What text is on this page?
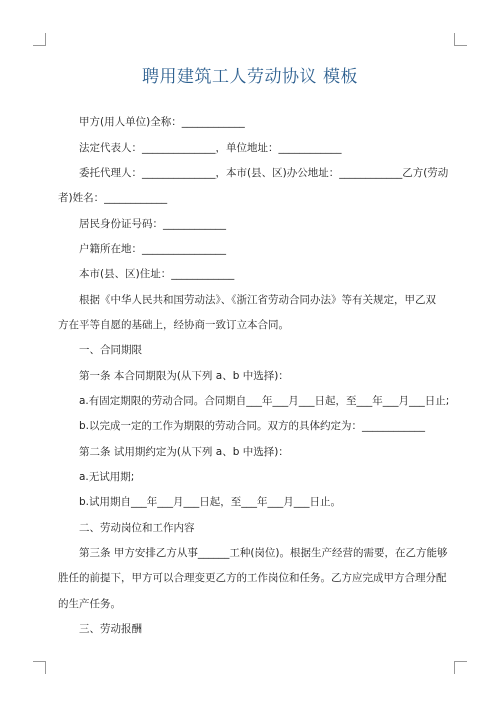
聘用建筑工人劳动协议 模板
甲方(用人单位)全称：____________
法定代表人：______________，单位地址：____________
委托代理人：______________，本市(县、区)办公地址：____________乙方(劳动
者)姓名：____________
居民身份证号码：____________
户籍所在地：________________
本市(县、区)住址：____________
根据《中华人民共和国劳动法》、《浙江省劳动合同办法》等有关规定，甲乙双
方在平等自愿的基础上，经协商一致订立本合同。
一、合同期限
第一条 本合同期限为(从下列 a、b 中选择)：
a.有固定期限的劳动合同。合同期自___年___月___日起，至___年___月___日止;
b.以完成一定的工作为期限的劳动合同。双方的具体约定为：____________
第二条 试用期约定为(从下列 a、b 中选择)：
a.无试用期;
b.试用期自___年___月___日起，至___年___月___日止。
二、劳动岗位和工作内容
第三条 甲方安排乙方从事______工种(岗位)。根据生产经营的需要，在乙方能够
胜任的前提下，甲方可以合理变更乙方的工作岗位和任务。乙方应完成甲方合理分配
的生产任务。
三、劳动报酬
